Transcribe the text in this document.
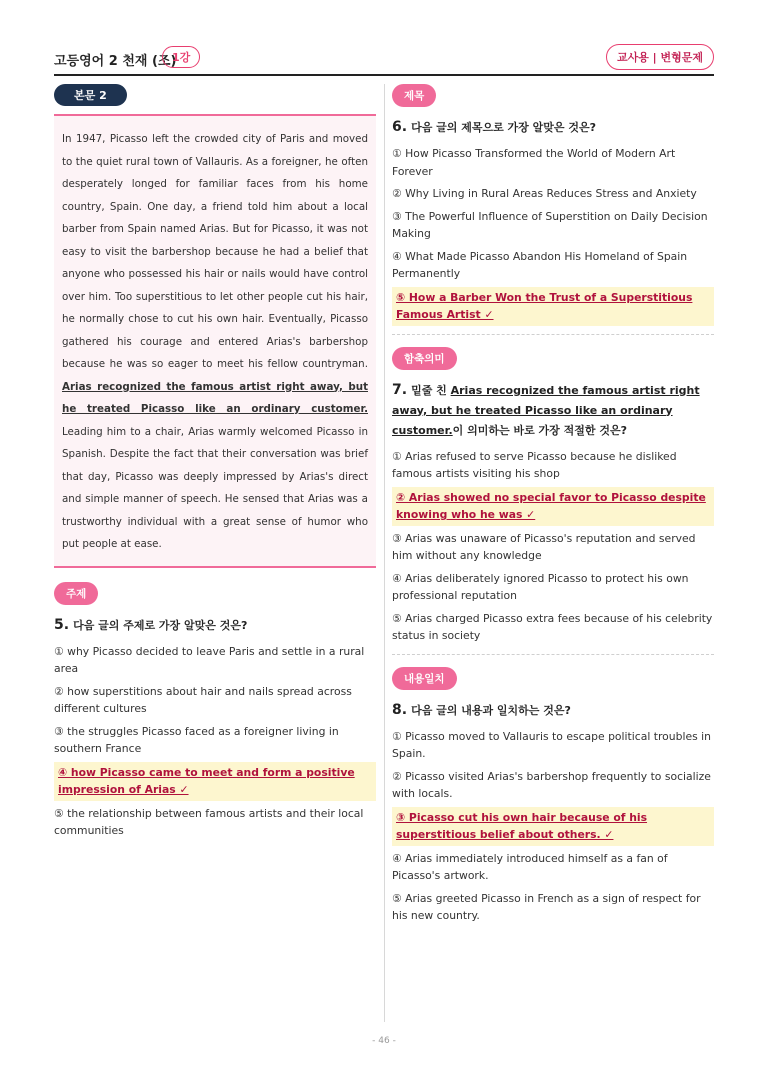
고등영어 2 천재 (조)
1강	교사용 | 변형문제
본문 2
In 1947, Picasso left the crowded city of Paris and moved to the quiet rural town of Vallauris. As a foreigner, he often desperately longed for familiar faces from his home country, Spain. One day, a friend told him about a local barber from Spain named Arias. But for Picasso, it was not easy to visit the barbershop because he had a belief that anyone who possessed his hair or nails would have control over him. Too superstitious to let other people cut his hair, he normally chose to cut his own hair. Eventually, Picasso gathered his courage and entered Arias's barbershop because he was so eager to meet his fellow countryman. Arias recognized the famous artist right away, but he treated Picasso like an ordinary customer. Leading him to a chair, Arias warmly welcomed Picasso in Spanish. Despite the fact that their conversation was brief that day, Picasso was deeply impressed by Arias's direct and simple manner of speech. He sensed that Arias was a trustworthy individual with a great sense of humor who put people at ease.
주제
5. 다음 글의 주제로 가장 알맞은 것은?
① why Picasso decided to leave Paris and settle in a rural area
② how superstitions about hair and nails spread across different cultures
③ the struggles Picasso faced as a foreigner living in southern France
④ how Picasso came to meet and form a positive impression of Arias ✓
⑤ the relationship between famous artists and their local communities
제목
6. 다음 글의 제목으로 가장 알맞은 것은?
① How Picasso Transformed the World of Modern Art Forever
② Why Living in Rural Areas Reduces Stress and Anxiety
③ The Powerful Influence of Superstition on Daily Decision Making
④ What Made Picasso Abandon His Homeland of Spain Permanently
⑤ How a Barber Won the Trust of a Superstitious Famous Artist ✓
함축의미
7. 밑줄 친 Arias recognized the famous artist right away, but he treated Picasso like an ordinary customer.이 의미하는 바로 가장 적절한 것은?
① Arias refused to serve Picasso because he disliked famous artists visiting his shop
② Arias showed no special favor to Picasso despite knowing who he was ✓
③ Arias was unaware of Picasso's reputation and served him without any knowledge
④ Arias deliberately ignored Picasso to protect his own professional reputation
⑤ Arias charged Picasso extra fees because of his celebrity status in society
내용일치
8. 다음 글의 내용과 일치하는 것은?
① Picasso moved to Vallauris to escape political troubles in Spain.
② Picasso visited Arias's barbershop frequently to socialize with locals.
③ Picasso cut his own hair because of his superstitious belief about others. ✓
④ Arias immediately introduced himself as a fan of Picasso's artwork.
⑤ Arias greeted Picasso in French as a sign of respect for his new country.
- 46 -
